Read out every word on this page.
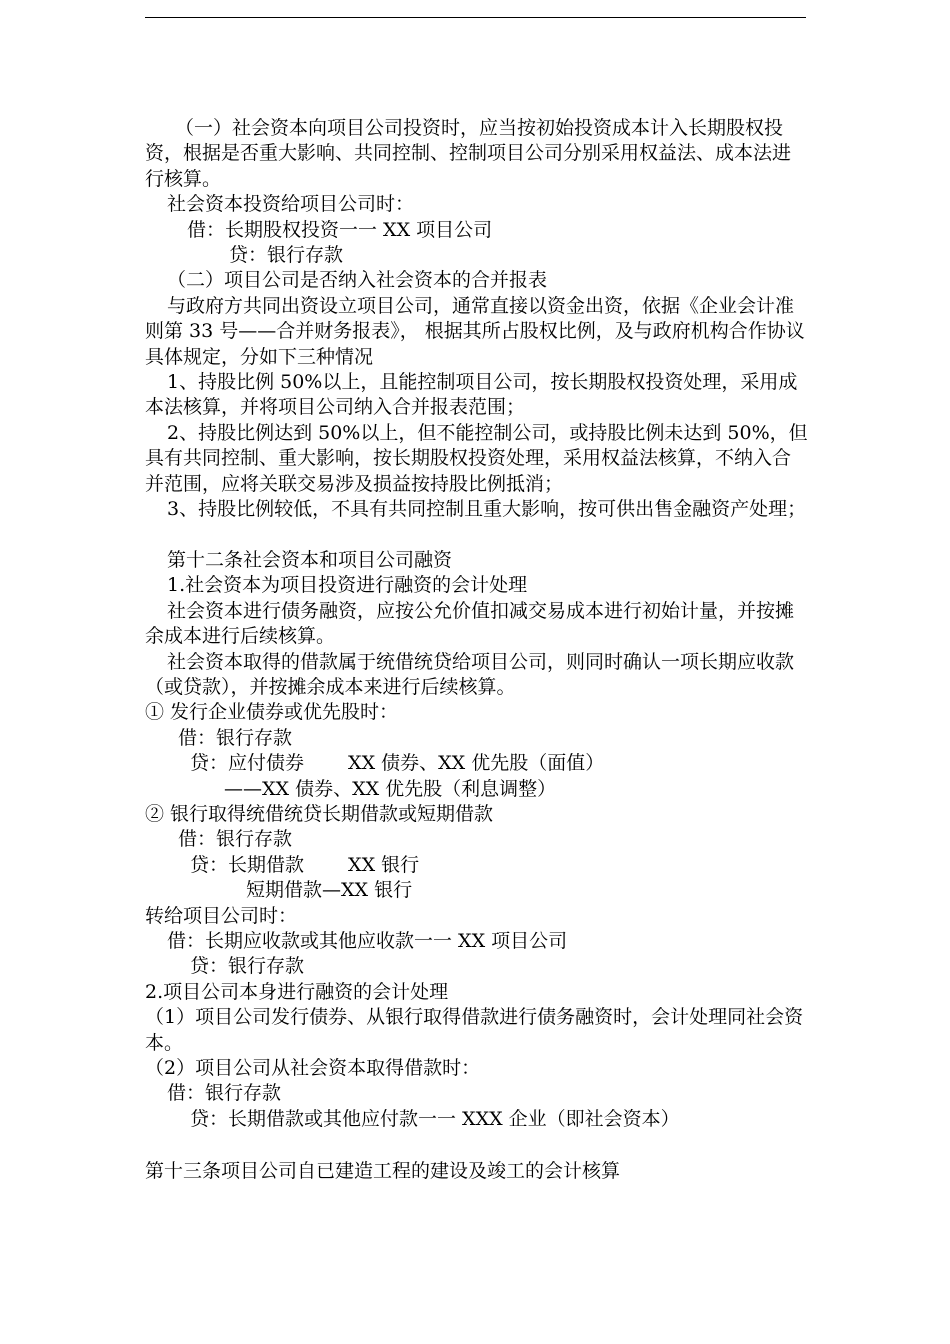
（一）社会资本向项目公司投资时，应当按初始投资成本计入长期股权投资，根据是否重大影响、共同控制、控制项目公司分别采用权益法、成本法进行核算。

社会资本投资给项目公司时：

借：长期股权投资一一 XX 项目公司

贷：银行存款

（二）项目公司是否纳入社会资本的合并报表

与政府方共同出资设立项目公司，通常直接以资金出资，依据《企业会计准则第 33 号——合并财务报表》， 根据其所占股权比例，及与政府机构合作协议具体规定，分如下三种情况

1、持股比例 50%以上，且能控制项目公司，按长期股权投资处理，采用成本法核算，并将项目公司纳入合并报表范围；

2、持股比例达到 50%以上，但不能控制公司，或持股比例未达到 50%，但具有共同控制、重大影响，按长期股权投资处理，采用权益法核算，不纳入合并范围，应将关联交易涉及损益按持股比例抵消；

3、持股比例较低，不具有共同控制且重大影响，按可供出售金融资产处理；

第十二条社会资本和项目公司融资

1.社会资本为项目投资进行融资的会计处理

社会资本进行债务融资，应按公允价值扣减交易成本进行初始计量，并按摊余成本进行后续核算。

社会资本取得的借款属于统借统贷给项目公司，则同时确认一项长期应收款（或贷款），并按摊余成本来进行后续核算。

① 发行企业债券或优先股时：

借：银行存款

贷：应付债券　　 XX 债券、XX 优先股（面值）

——XX 债券、XX 优先股（利息调整）

② 银行取得统借统贷长期借款或短期借款

借：银行存款

贷：长期借款　　 XX 银行

短期借款—XX 银行

转给项目公司时：

借：长期应收款或其他应收款一一 XX 项目公司

贷：银行存款

2.项目公司本身进行融资的会计处理

（1）项目公司发行债券、从银行取得借款进行债务融资时，会计处理同社会资本。

（2）项目公司从社会资本取得借款时：

借：银行存款

贷：长期借款或其他应付款一一 XXX 企业（即社会资本）

第十三条项目公司自已建造工程的建设及竣工的会计核算
